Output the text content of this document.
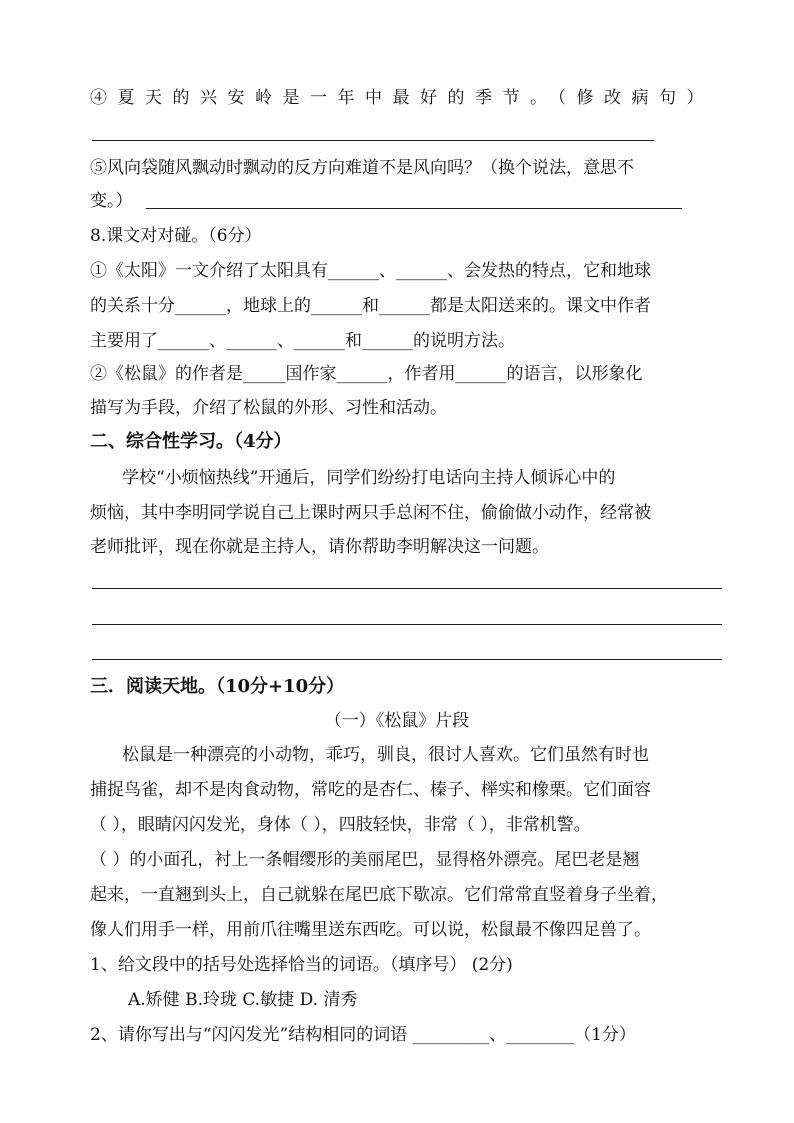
④夏天的兴安岭是一年中最好的季节。（修改病句）
⑤风向袋随风飘动时飘动的反方向难道不是风向吗？（换个说法，意思不
变。）
8.课文对对碰。（6分）
①《太阳》一文介绍了太阳具有______、______、会发热的特点，它和地球
的关系十分______，地球上的______和______都是太阳送来的。课文中作者
主要用了______、______、______和______的说明方法。
②《松鼠》的作者是_____国作家______，作者用______的语言，以形象化
描写为手段，介绍了松鼠的外形、习性和活动。
二、综合性学习。（4分）
学校“小烦恼热线”开通后，同学们纷纷打电话向主持人倾诉心中的
烦恼，其中李明同学说自己上课时两只手总闲不住，偷偷做小动作，经常被
老师批评，现在你就是主持人，请你帮助李明解决这一问题。
三．阅读天地。（10分+10分）
（一）《松鼠》片段
松鼠是一种漂亮的小动物，乖巧，驯良，很讨人喜欢。它们虽然有时也
捕捉鸟雀，却不是肉食动物，常吃的是杏仁、榛子、榉实和橡栗。它们面容
（ ），眼睛闪闪发光，身体（ ），四肢轻快，非常（ ），非常机警。
（ ）的小面孔，衬上一条帽缨形的美丽尾巴，显得格外漂亮。尾巴老是翘
起来，一直翘到头上，自己就躲在尾巴底下歇凉。它们常常直竖着身子坐着，
像人们用手一样，用前爪往嘴里送东西吃。可以说，松鼠最不像四足兽了。
1、给文段中的括号处选择恰当的词语。（填序号） (2分)
A.矫健 B.玲珑 C.敏捷 D. 清秀
2、请你写出与“闪闪发光”结构相同的词语 _________、________（1分）
